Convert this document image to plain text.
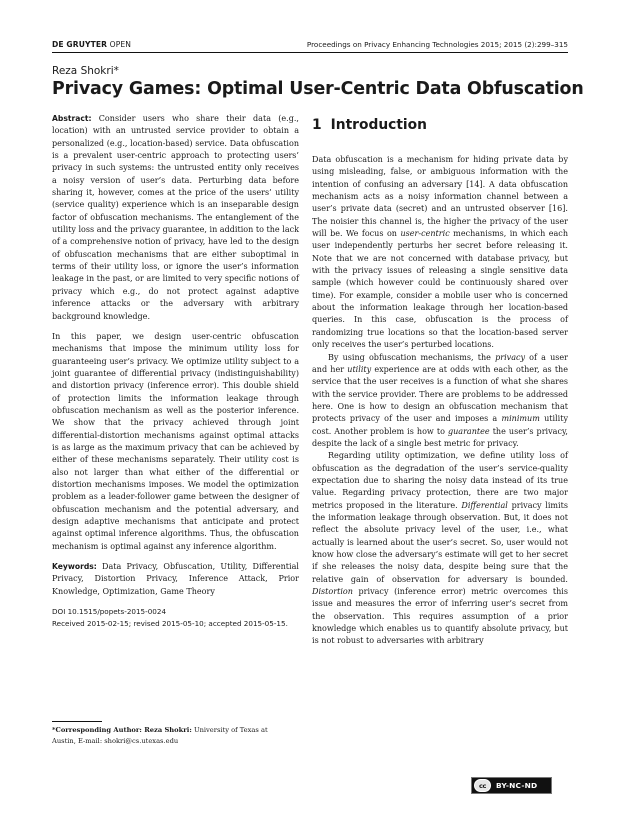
DE GRUYTER OPEN	Proceedings on Privacy Enhancing Technologies 2015; 2015 (2):299–315
Reza Shokri*
Privacy Games: Optimal User-Centric Data Obfuscation

Abstract: Consider users who share their data (e.g., location) with an untrusted service provider to obtain a personalized (e.g., location-based) service. Data obfuscation is a prevalent user-centric approach to protecting users’ privacy in such systems: the untrusted entity only receives a noisy version of user’s data. Perturbing data before sharing it, however, comes at the price of the users’ utility (service quality) experience which is an inseparable design factor of obfuscation mechanisms. The entanglement of the utility loss and the privacy guarantee, in addition to the lack of a comprehensive notion of privacy, have led to the design of obfuscation mechanisms that are either suboptimal in terms of their utility loss, or ignore the user’s information leakage in the past, or are limited to very specific notions of privacy which e.g., do not protect against adaptive inference attacks or the adversary with arbitrary background knowledge.

In this paper, we design user-centric obfuscation mechanisms that impose the minimum utility loss for guaranteeing user’s privacy. We optimize utility subject to a joint guarantee of differential privacy (indistinguishability) and distortion privacy (inference error). This double shield of protection limits the information leakage through obfuscation mechanism as well as the posterior inference. We show that the privacy achieved through joint differential-distortion mechanisms against optimal attacks is as large as the maximum privacy that can be achieved by either of these mechanisms separately. Their utility cost is also not larger than what either of the differential or distortion mechanisms imposes. We model the optimization problem as a leader-follower game between the designer of obfuscation mechanism and the potential adversary, and design adaptive mechanisms that anticipate and protect against optimal inference algorithms. Thus, the obfuscation mechanism is optimal against any inference algorithm.

Keywords: Data Privacy, Obfuscation, Utility, Differential Privacy, Distortion Privacy, Inference Attack, Prior Knowledge, Optimization, Game Theory

DOI 10.1515/popets-2015-0024

Received 2015-02-15; revised 2015-05-10; accepted 2015-05-15.

*Corresponding Author: Reza Shokri: University of Texas at Austin, E-mail: shokri@cs.utexas.edu
1 Introduction

Data obfuscation is a mechanism for hiding private data by using misleading, false, or ambiguous information with the intention of confusing an adversary [14]. A data obfuscation mechanism acts as a noisy information channel between a user’s private data (secret) and an untrusted observer [16]. The noisier this channel is, the higher the privacy of the user will be. We focus on user-centric mechanisms, in which each user independently perturbs her secret before releasing it. Note that we are not concerned with database privacy, but with the privacy issues of releasing a single sensitive data sample (which however could be continuously shared over time). For example, consider a mobile user who is concerned about the information leakage through her location-based queries. In this case, obfuscation is the process of randomizing true locations so that the location-based server only receives the user’s perturbed locations.

By using obfuscation mechanisms, the privacy of a user and her utility experience are at odds with each other, as the service that the user receives is a function of what she shares with the service provider. There are problems to be addressed here. One is how to design an obfuscation mechanism that protects privacy of the user and imposes a minimum utility cost. Another problem is how to guarantee the user’s privacy, despite the lack of a single best metric for privacy.

Regarding utility optimization, we define utility loss of obfuscation as the degradation of the user’s service-quality expectation due to sharing the noisy data instead of its true value. Regarding privacy protection, there are two major metrics proposed in the literature. Differential privacy limits the information leakage through observation. But, it does not reflect the absolute privacy level of the user, i.e., what actually is learned about the user’s secret. So, user would not know how close the adversary’s estimate will get to her secret if she releases the noisy data, despite being sure that the relative gain of observation for adversary is bounded. Distortion privacy (inference error) metric overcomes this issue and measures the error of inferring user’s secret from the observation. This requires assumption of a prior knowledge which enables us to quantify absolute privacy, but is not robust to adversaries with arbitrary

cc	BY-NC-ND
